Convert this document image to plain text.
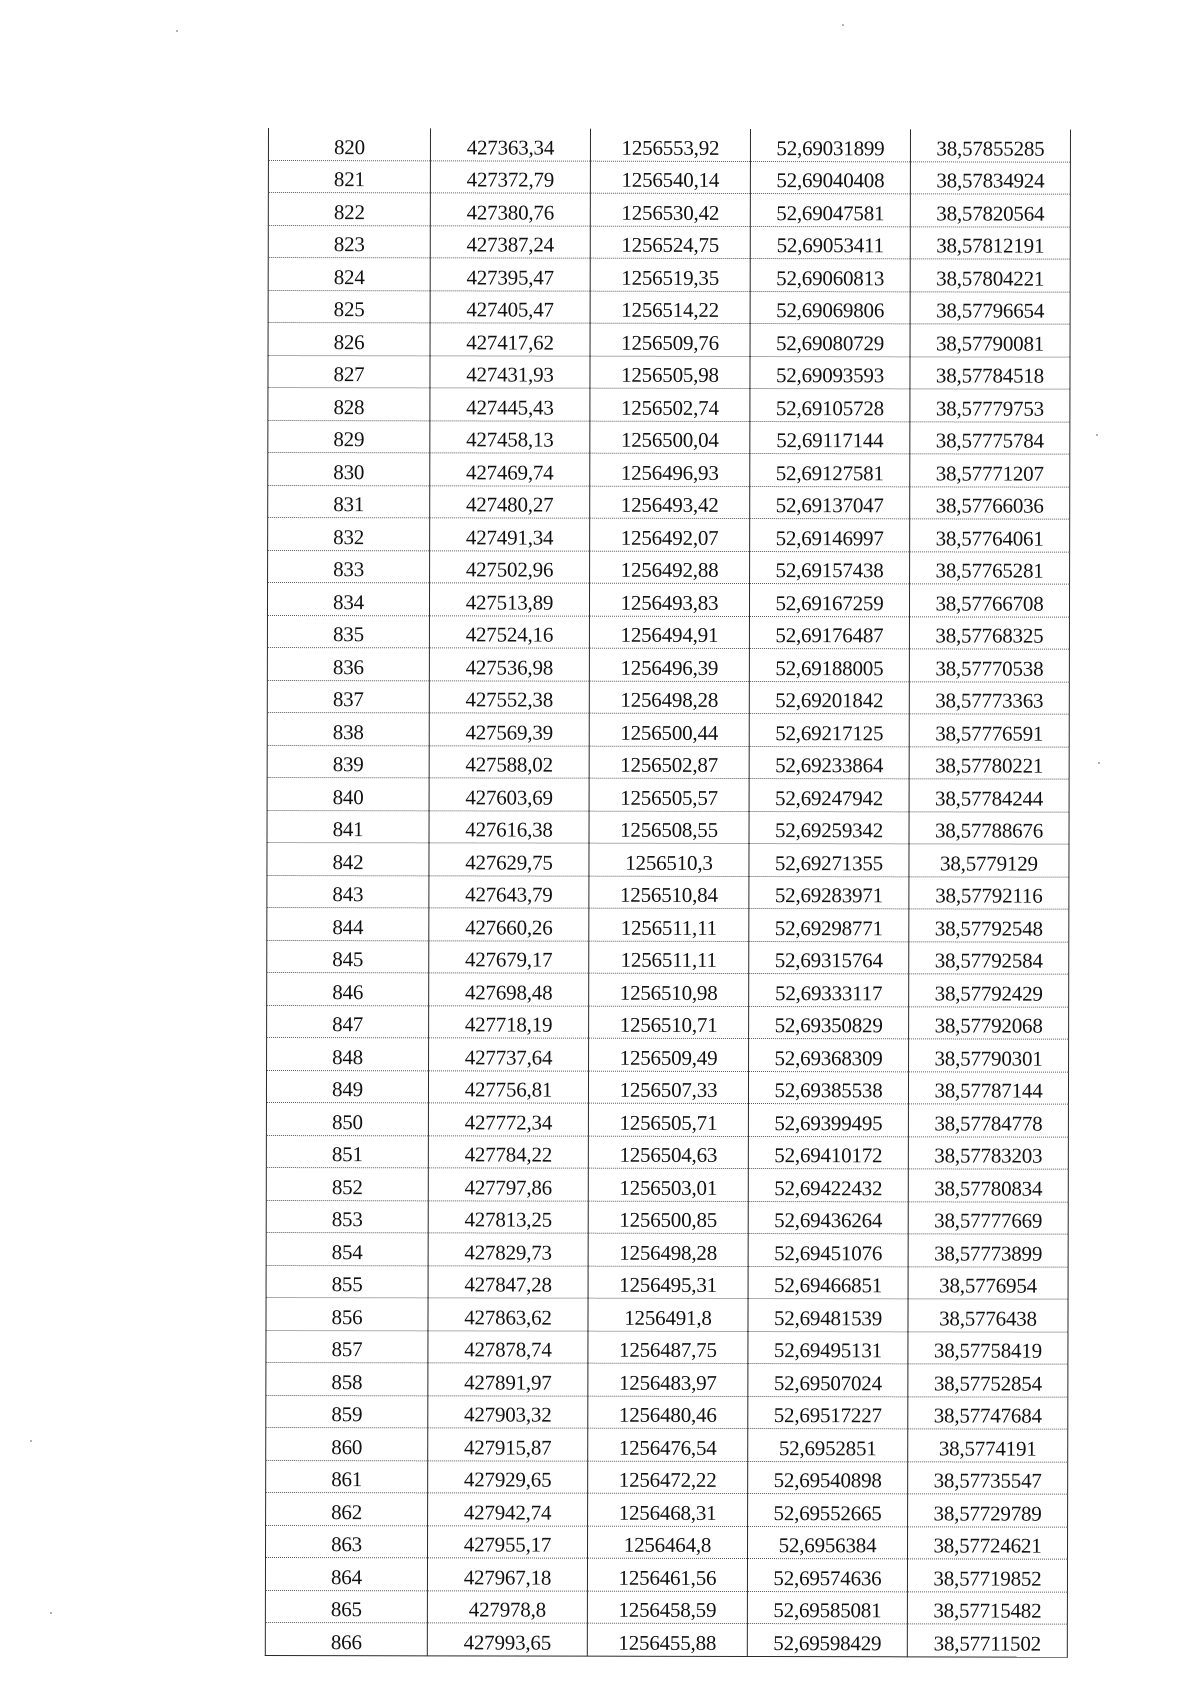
820	427363,34	1256553,92	52,69031899	38,57855285
821	427372,79	1256540,14	52,69040408	38,57834924
822	427380,76	1256530,42	52,69047581	38,57820564
823	427387,24	1256524,75	52,69053411	38,57812191
824	427395,47	1256519,35	52,69060813	38,57804221
825	427405,47	1256514,22	52,69069806	38,57796654
826	427417,62	1256509,76	52,69080729	38,57790081
827	427431,93	1256505,98	52,69093593	38,57784518
828	427445,43	1256502,74	52,69105728	38,57779753
829	427458,13	1256500,04	52,69117144	38,57775784
830	427469,74	1256496,93	52,69127581	38,57771207
831	427480,27	1256493,42	52,69137047	38,57766036
832	427491,34	1256492,07	52,69146997	38,57764061
833	427502,96	1256492,88	52,69157438	38,57765281
834	427513,89	1256493,83	52,69167259	38,57766708
835	427524,16	1256494,91	52,69176487	38,57768325
836	427536,98	1256496,39	52,69188005	38,57770538
837	427552,38	1256498,28	52,69201842	38,57773363
838	427569,39	1256500,44	52,69217125	38,57776591
839	427588,02	1256502,87	52,69233864	38,57780221
840	427603,69	1256505,57	52,69247942	38,57784244
841	427616,38	1256508,55	52,69259342	38,57788676
842	427629,75	1256510,3	52,69271355	38,5779129
843	427643,79	1256510,84	52,69283971	38,57792116
844	427660,26	1256511,11	52,69298771	38,57792548
845	427679,17	1256511,11	52,69315764	38,57792584
846	427698,48	1256510,98	52,69333117	38,57792429
847	427718,19	1256510,71	52,69350829	38,57792068
848	427737,64	1256509,49	52,69368309	38,57790301
849	427756,81	1256507,33	52,69385538	38,57787144
850	427772,34	1256505,71	52,69399495	38,57784778
851	427784,22	1256504,63	52,69410172	38,57783203
852	427797,86	1256503,01	52,69422432	38,57780834
853	427813,25	1256500,85	52,69436264	38,57777669
854	427829,73	1256498,28	52,69451076	38,57773899
855	427847,28	1256495,31	52,69466851	38,5776954
856	427863,62	1256491,8	52,69481539	38,5776438
857	427878,74	1256487,75	52,69495131	38,57758419
858	427891,97	1256483,97	52,69507024	38,57752854
859	427903,32	1256480,46	52,69517227	38,57747684
860	427915,87	1256476,54	52,6952851	38,5774191
861	427929,65	1256472,22	52,69540898	38,57735547
862	427942,74	1256468,31	52,69552665	38,57729789
863	427955,17	1256464,8	52,6956384	38,57724621
864	427967,18	1256461,56	52,69574636	38,57719852
865	427978,8	1256458,59	52,69585081	38,57715482
866	427993,65	1256455,88	52,69598429	38,57711502
